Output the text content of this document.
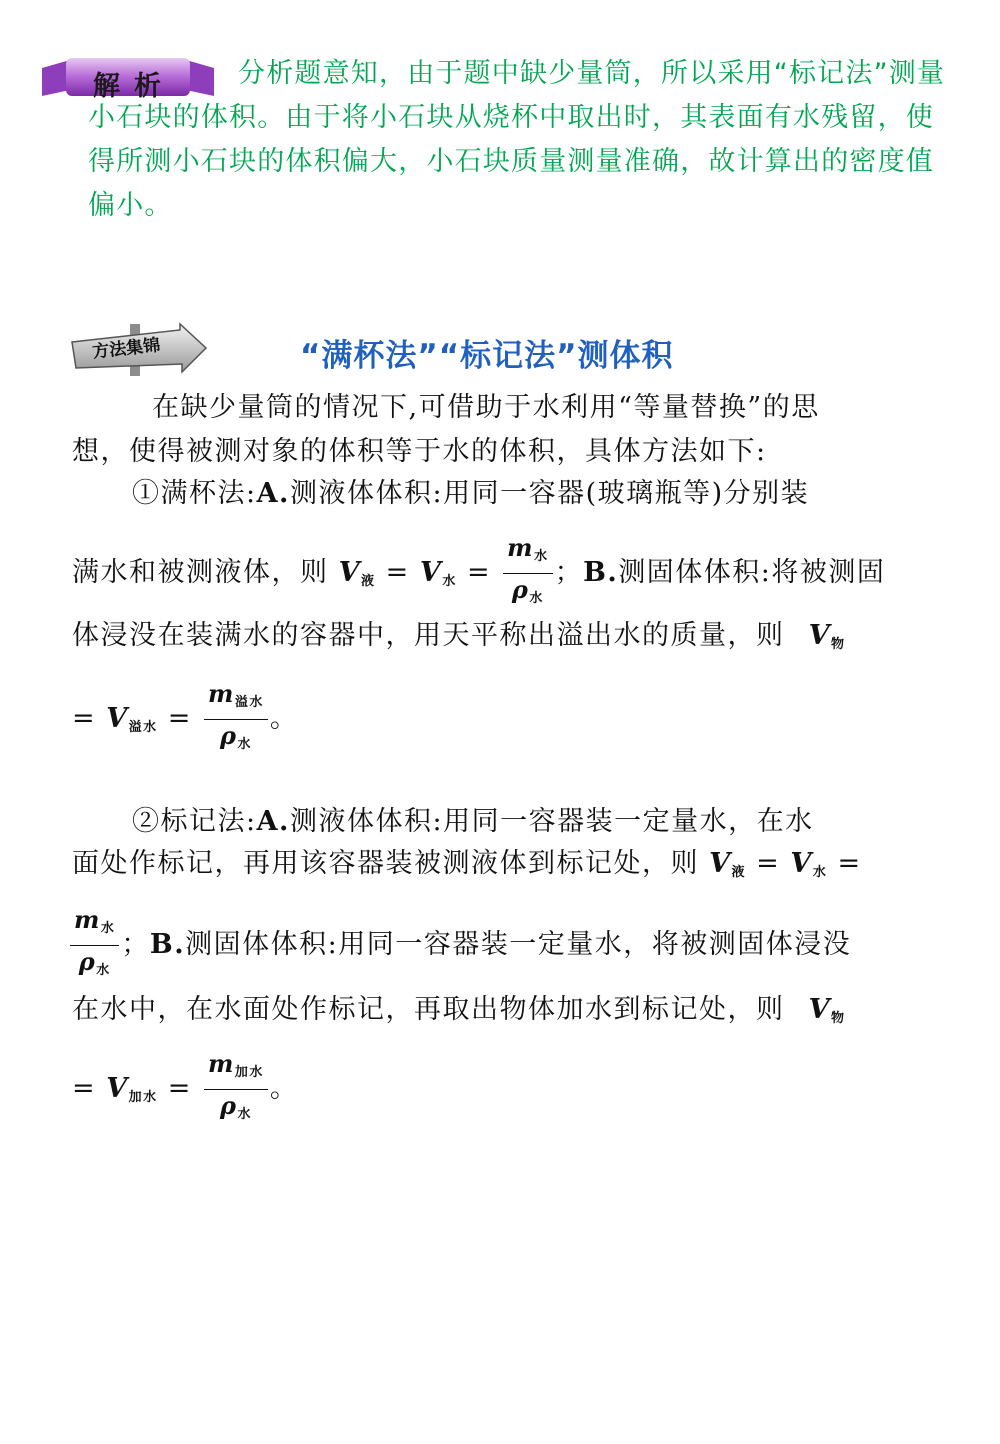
解析	分析题意知，由于题中缺少量筒，所以采用“标记法”测量小石块的体积。由于将小石块从烧杯中取出时，其表面有水残留，使得所测小石块的体积偏大，小石块质量测量准确，故计算出的密度值偏小。
方法集锦	“满杯法”“标记法”测体积
在缺少量筒的情况下,可借助于水利用“等量替换”的思
想，使得被测对象的体积等于水的体积，具体方法如下:
①满杯法:A.测液体体积:用同一容器(玻璃瓶等)分别装
满水和被测液体，则 $V_液 = V_水 = \frac{m_水}{\rho_水}$ ；B.测固体体积:将被测固
体浸没在装满水的容器中，用天平称出溢出水的质量，则 $V_物$
= $V_{溢水} = \frac{m_{溢水}}{\rho_水}$ 。
②标记法:A.测液体体积:用同一容器装一定量水，在水
面处作标记，再用该容器装被测液体到标记处，则 $V_液 = V_水$ =
$\frac{m_水}{\rho_水}$ ；B.测固体体积:用同一容器装一定量水，将被测固体浸没
在水中，在水面处作标记，再取出物体加水到标记处，则 $V_物$
= $V_{加水} = \frac{m_{加水}}{\rho_水}$ 。
